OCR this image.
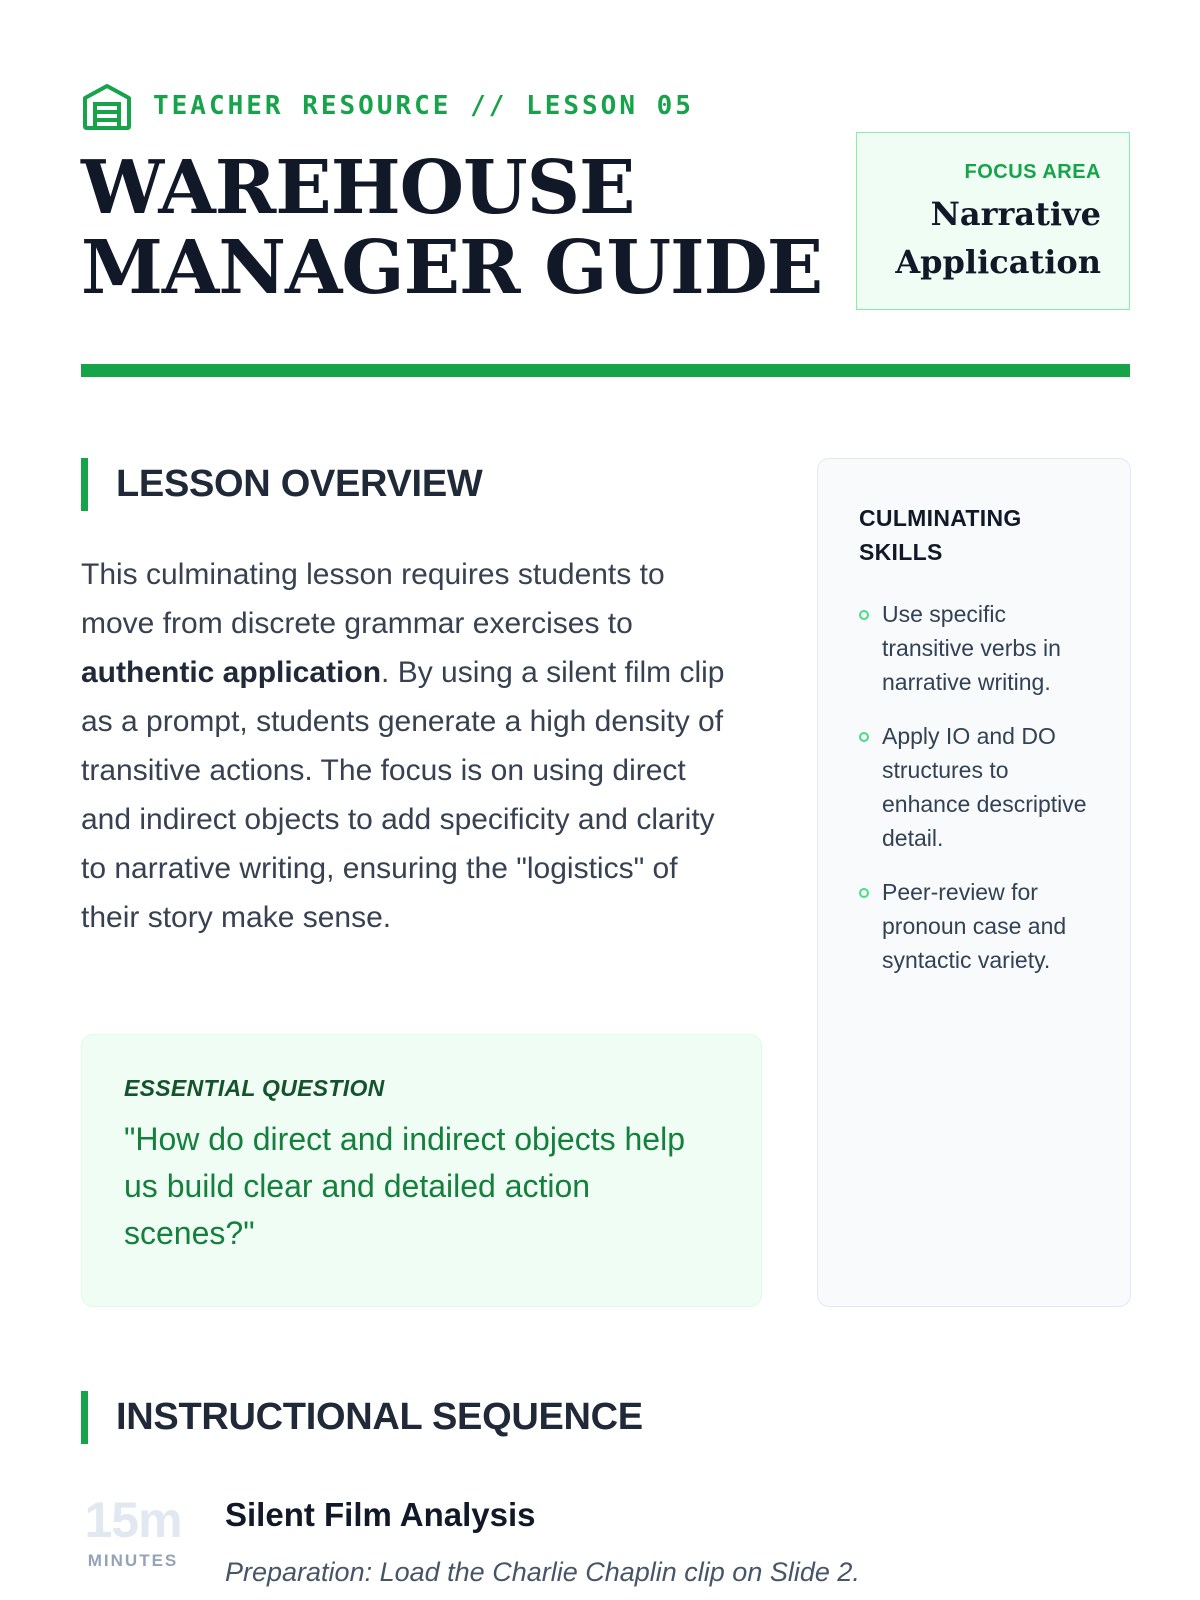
TEACHER RESOURCE // LESSON 05
WAREHOUSE
MANAGER GUIDE
FOCUS AREA
Narrative
Application
LESSON OVERVIEW

This culminating lesson requires students to move from discrete grammar exercises to authentic application. By using a silent film clip as a prompt, students generate a high density of transitive actions. The focus is on using direct and indirect objects to add specificity and clarity to narrative writing, ensuring the "logistics" of their story make sense.

ESSENTIAL QUESTION
"How do direct and indirect objects help us build clear and detailed action scenes?"
CULMINATING SKILLS
Use specific transitive verbs in narrative writing.
Apply IO and DO structures to enhance descriptive detail.
Peer-review for pronoun case and syntactic variety.
INSTRUCTIONAL SEQUENCE
15m
MINUTES
Silent Film Analysis
Preparation: Load the Charlie Chaplin clip on Slide 2.
